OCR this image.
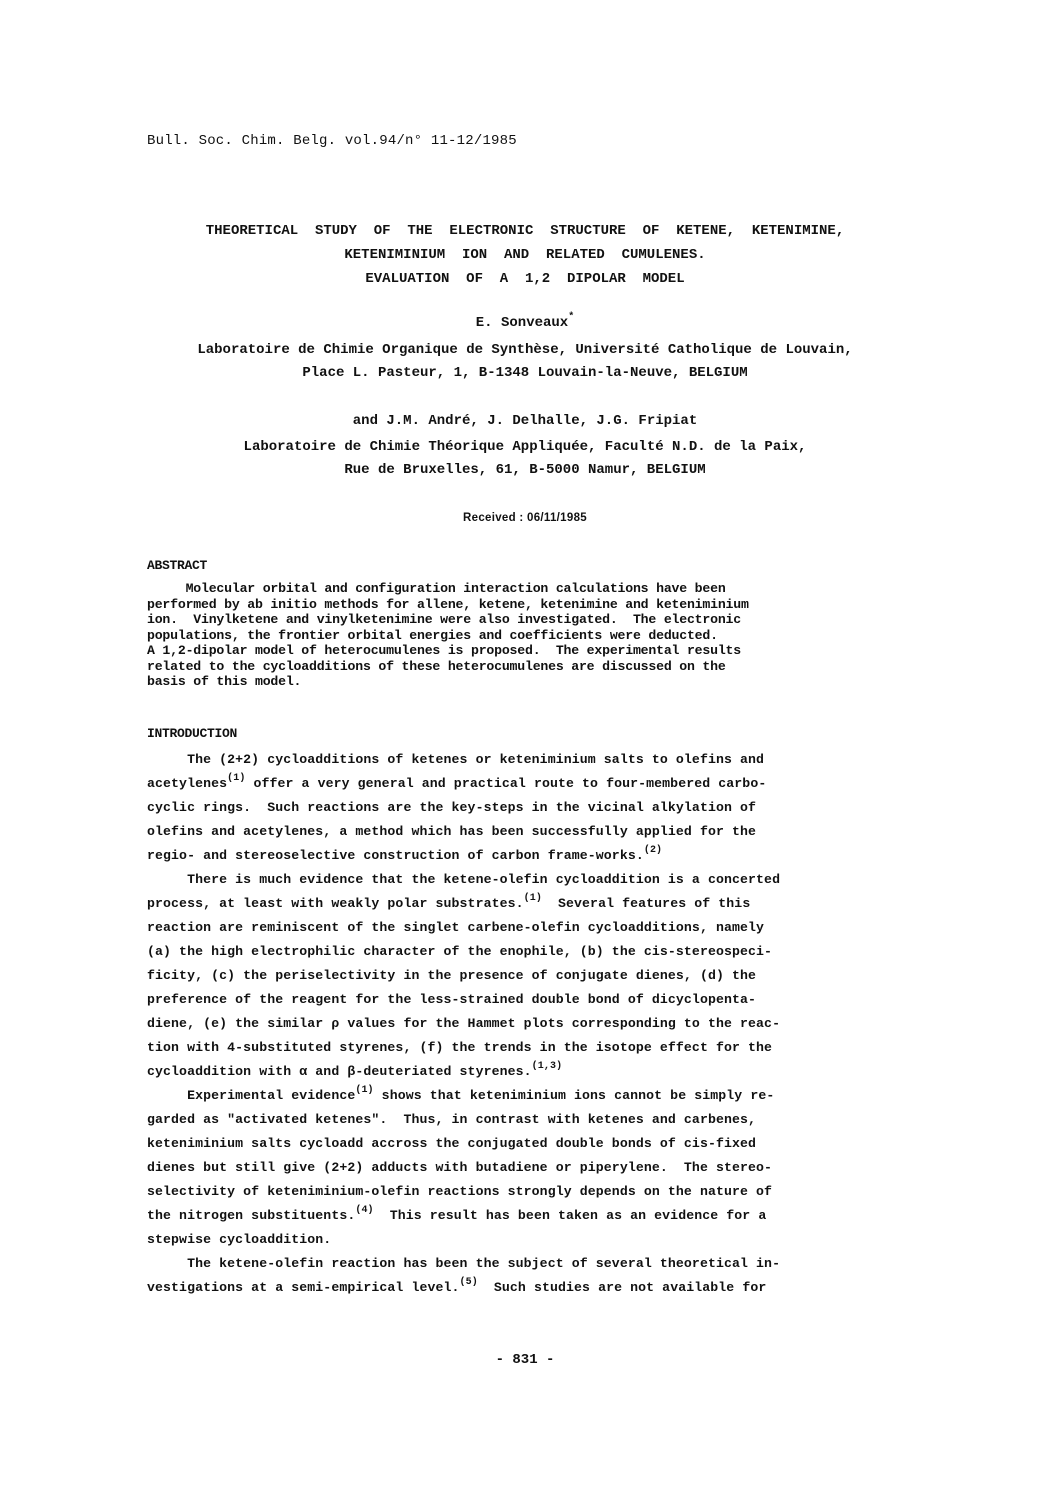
Bull. Soc. Chim. Belg. vol.94/n° 11-12/1985
THEORETICAL  STUDY  OF  THE  ELECTRONIC  STRUCTURE  OF  KETENE,  KETENIMINE,
KETENIMINIUM  ION  AND  RELATED  CUMULENES.
EVALUATION  OF  A  1,2  DIPOLAR  MODEL
E. Sonveaux*
Laboratoire de Chimie Organique de Synthèse, Université Catholique de Louvain,
Place L. Pasteur, 1, B-1348 Louvain-la-Neuve, BELGIUM
and J.M. André, J. Delhalle, J.G. Fripiat
Laboratoire de Chimie Théorique Appliquée, Faculté N.D. de la Paix,
Rue de Bruxelles, 61, B-5000 Namur, BELGIUM
Received : 06/11/1985
ABSTRACT
Molecular orbital and configuration interaction calculations have been
performed by ab initio methods for allene, ketene, ketenimine and keteniminium
ion.  Vinylketene and vinylketenimine were also investigated.  The electronic
populations, the frontier orbital energies and coefficients were deducted.
A 1,2-dipolar model of heterocumulenes is proposed.  The experimental results
related to the cycloadditions of these heterocumulenes are discussed on the
basis of this model.
INTRODUCTION
The (2+2) cycloadditions of ketenes or keteniminium salts to olefins and
acetylenes$^{(1)}$ offer a very general and practical route to four-membered carbo-
cyclic rings.  Such reactions are the key-steps in the vicinal alkylation of
olefins and acetylenes, a method which has been successfully applied for the
regio- and stereoselective construction of carbon frame-works.$^{(2)}$
There is much evidence that the ketene-olefin cycloaddition is a concerted
process, at least with weakly polar substrates.$^{(1)}$  Several features of this
reaction are reminiscent of the singlet carbene-olefin cycloadditions, namely
(a) the high electrophilic character of the enophile, (b) the cis-stereospeci-
ficity, (c) the periselectivity in the presence of conjugate dienes, (d) the
preference of the reagent for the less-strained double bond of dicyclopenta-
diene, (e) the similar ρ values for the Hammet plots corresponding to the reac-
tion with 4-substituted styrenes, (f) the trends in the isotope effect for the
cycloaddition with α and β-deuteriated styrenes.$^{(1,3)}$
Experimental evidence$^{(1)}$ shows that keteniminium ions cannot be simply re-
garded as "activated ketenes".  Thus, in contrast with ketenes and carbenes,
keteniminium salts cycloadd accross the conjugated double bonds of cis-fixed
dienes but still give (2+2) adducts with butadiene or piperylene.  The stereo-
selectivity of keteniminium-olefin reactions strongly depends on the nature of
the nitrogen substituents.$^{(4)}$  This result has been taken as an evidence for a
stepwise cycloaddition.
The ketene-olefin reaction has been the subject of several theoretical in-
vestigations at a semi-empirical level.$^{(5)}$  Such studies are not available for
- 831 -
